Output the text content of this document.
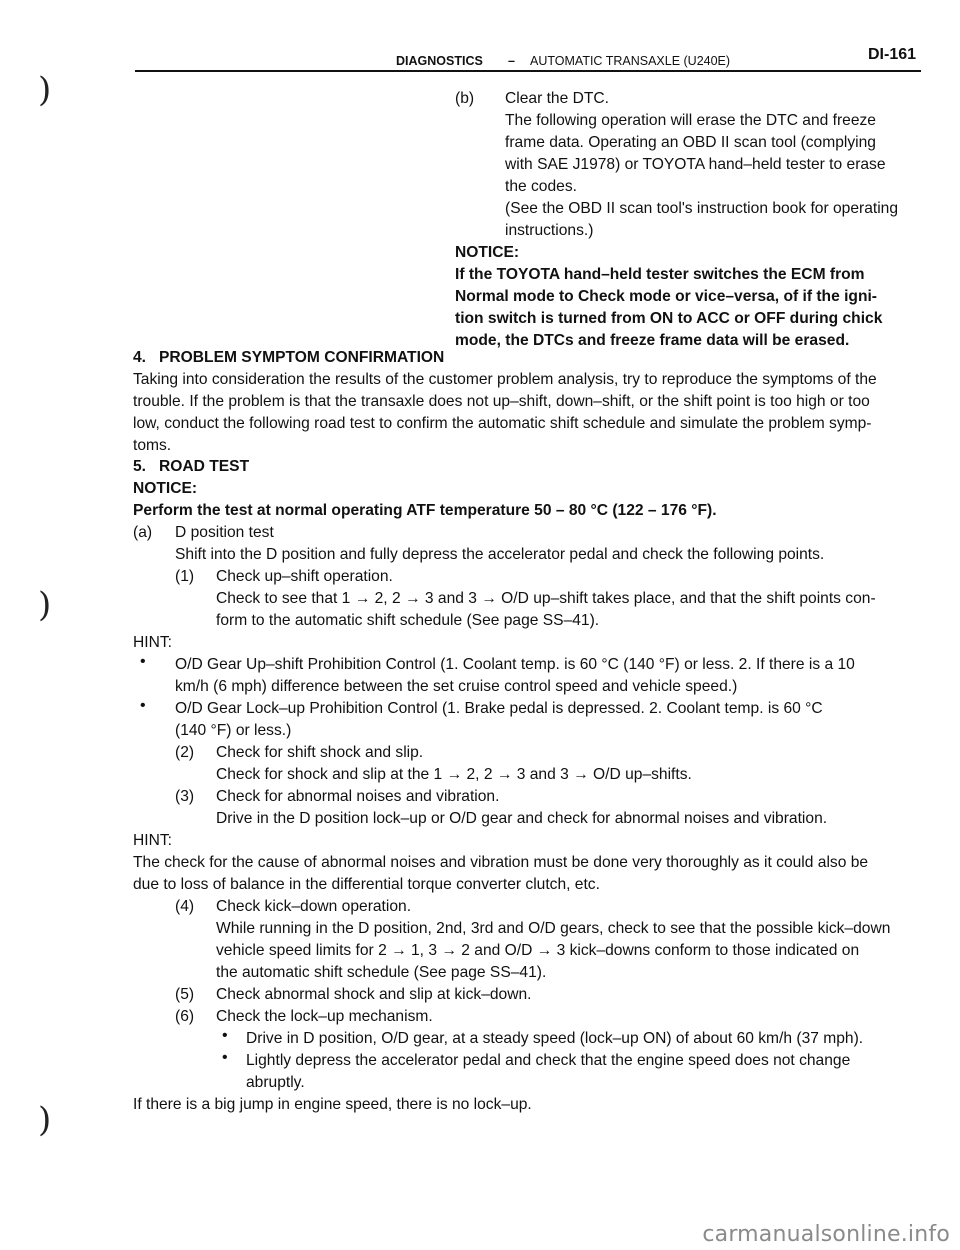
DIAGNOSTICS – AUTOMATIC TRANSAXLE (U240E)	DI-161
)
)
)
(b) Clear the DTC.
The following operation will erase the DTC and freeze
frame data. Operating an OBD II scan tool (complying
with SAE J1978) or TOYOTA hand–held tester to erase
the codes.
(See the OBD II scan tool's instruction book for operating
instructions.)
NOTICE:
If the TOYOTA hand–held tester switches the ECM from
Normal mode to Check mode or vice–versa, of if the igni-
tion switch is turned from ON to ACC or OFF during chick
mode, the DTCs and freeze frame data will be erased.
4.   PROBLEM SYMPTOM CONFIRMATION
Taking into consideration the results of the customer problem analysis, try to reproduce the symptoms of the
trouble. If the problem is that the transaxle does not up–shift, down–shift, or the shift point is too high or too
low, conduct the following road test to confirm the automatic shift schedule and simulate the problem symp-
toms.
5.   ROAD TEST
NOTICE:
Perform the test at normal operating ATF temperature 50 – 80 °C (122 – 176 °F).
(a) D position test
Shift into the D position and fully depress the accelerator pedal and check the following points.
(1) Check up–shift operation.
Check to see that 1 → 2, 2 → 3 and 3 → O/D up–shift takes place, and that the shift points con-
form to the automatic shift schedule (See page SS–41).
HINT:
• O/D Gear Up–shift Prohibition Control (1. Coolant temp. is 60 °C (140 °F) or less. 2. If there is a 10
km/h (6 mph) difference between the set cruise control speed and vehicle speed.)
• O/D Gear Lock–up Prohibition Control (1. Brake pedal is depressed. 2. Coolant temp. is 60 °C
(140 °F) or less.)
(2) Check for shift shock and slip.
Check for shock and slip at the 1 → 2, 2 → 3 and 3 → O/D up–shifts.
(3) Check for abnormal noises and vibration.
Drive in the D position lock–up or O/D gear and check for abnormal noises and vibration.
HINT:
The check for the cause of abnormal noises and vibration must be done very thoroughly as it could also be
due to loss of balance in the differential torque converter clutch, etc.
(4) Check kick–down operation.
While running in the D position, 2nd, 3rd and O/D gears, check to see that the possible kick–down
vehicle speed limits for 2 → 1, 3 → 2 and O/D → 3 kick–downs conform to those indicated on
the automatic shift schedule (See page SS–41).
(5) Check abnormal shock and slip at kick–down.
(6) Check the lock–up mechanism.
• Drive in D position, O/D gear, at a steady speed (lock–up ON) of about 60 km/h (37 mph).
• Lightly depress the accelerator pedal and check that the engine speed does not change
abruptly.
If there is a big jump in engine speed, there is no lock–up.
carmanualsonline.info
